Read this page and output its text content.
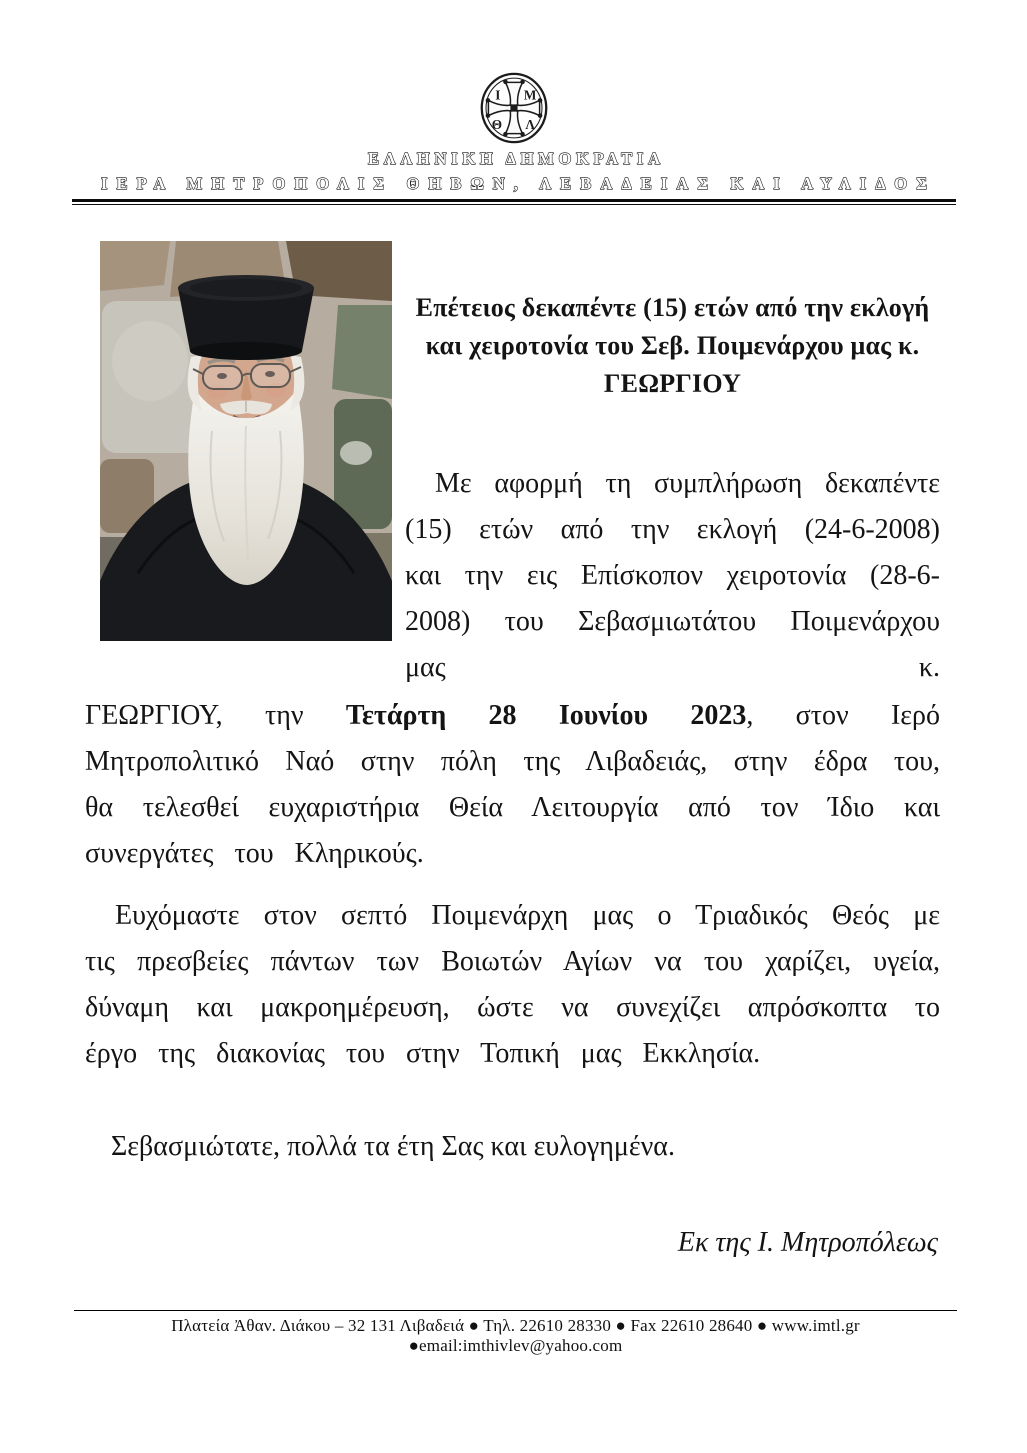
Ι Μ
Θ Λ
ΕΛΛΗΝΙΚΗ ΔΗΜΟΚΡΑΤΙΑ
ΙΕΡΑ ΜΗΤΡΟΠΟΛΙΣ ΘΗΒΩΝ, ΛΕΒΑΔΕΙΑΣ ΚΑΙ ΑΥΛΙΔΟΣ
Επέτειος δεκαπέντε (15) ετών από την εκλογή και χειροτονία του Σεβ. Ποιμενάρχου μας κ. ΓΕΩΡΓΙΟΥ

Με αφορμή τη συμπλήρωση δεκαπέντε (15) ετών από την εκλογή (24-6-2008) και την εις Επίσκοπον χειροτονία (28-6-2008) του Σεβασμιωτάτου Ποιμενάρχου μας κ.

ΓΕΩΡΓΙΟΥ, την Τετάρτη 28 Ιουνίου 2023, στον Ιερό Μητροπολιτικό Ναό στην πόλη της Λιβαδειάς, στην έδρα του, θα τελεσθεί ευχαριστήρια Θεία Λειτουργία από τον Ίδιο και συνεργάτες του Κληρικούς.

Ευχόμαστε στον σεπτό Ποιμενάρχη μας ο Τριαδικός Θεός με τις πρεσβείες πάντων των Βοιωτών Αγίων να του χαρίζει, υγεία, δύναμη και μακροημέρευση, ώστε να συνεχίζει απρόσκοπτα το έργο της διακονίας του στην Τοπική μας Εκκλησία.

Σεβασμιώτατε, πολλά τα έτη Σας και ευλογημένα.

Εκ της Ι. Μητροπόλεως

Πλατεία Ἀθαν. Διάκου – 32 131 Λιβαδειά ● Τηλ. 22610 28330 ● Fax 22610 28640 ● www.imtl.gr ●email:imthivlev@yahoo.com
